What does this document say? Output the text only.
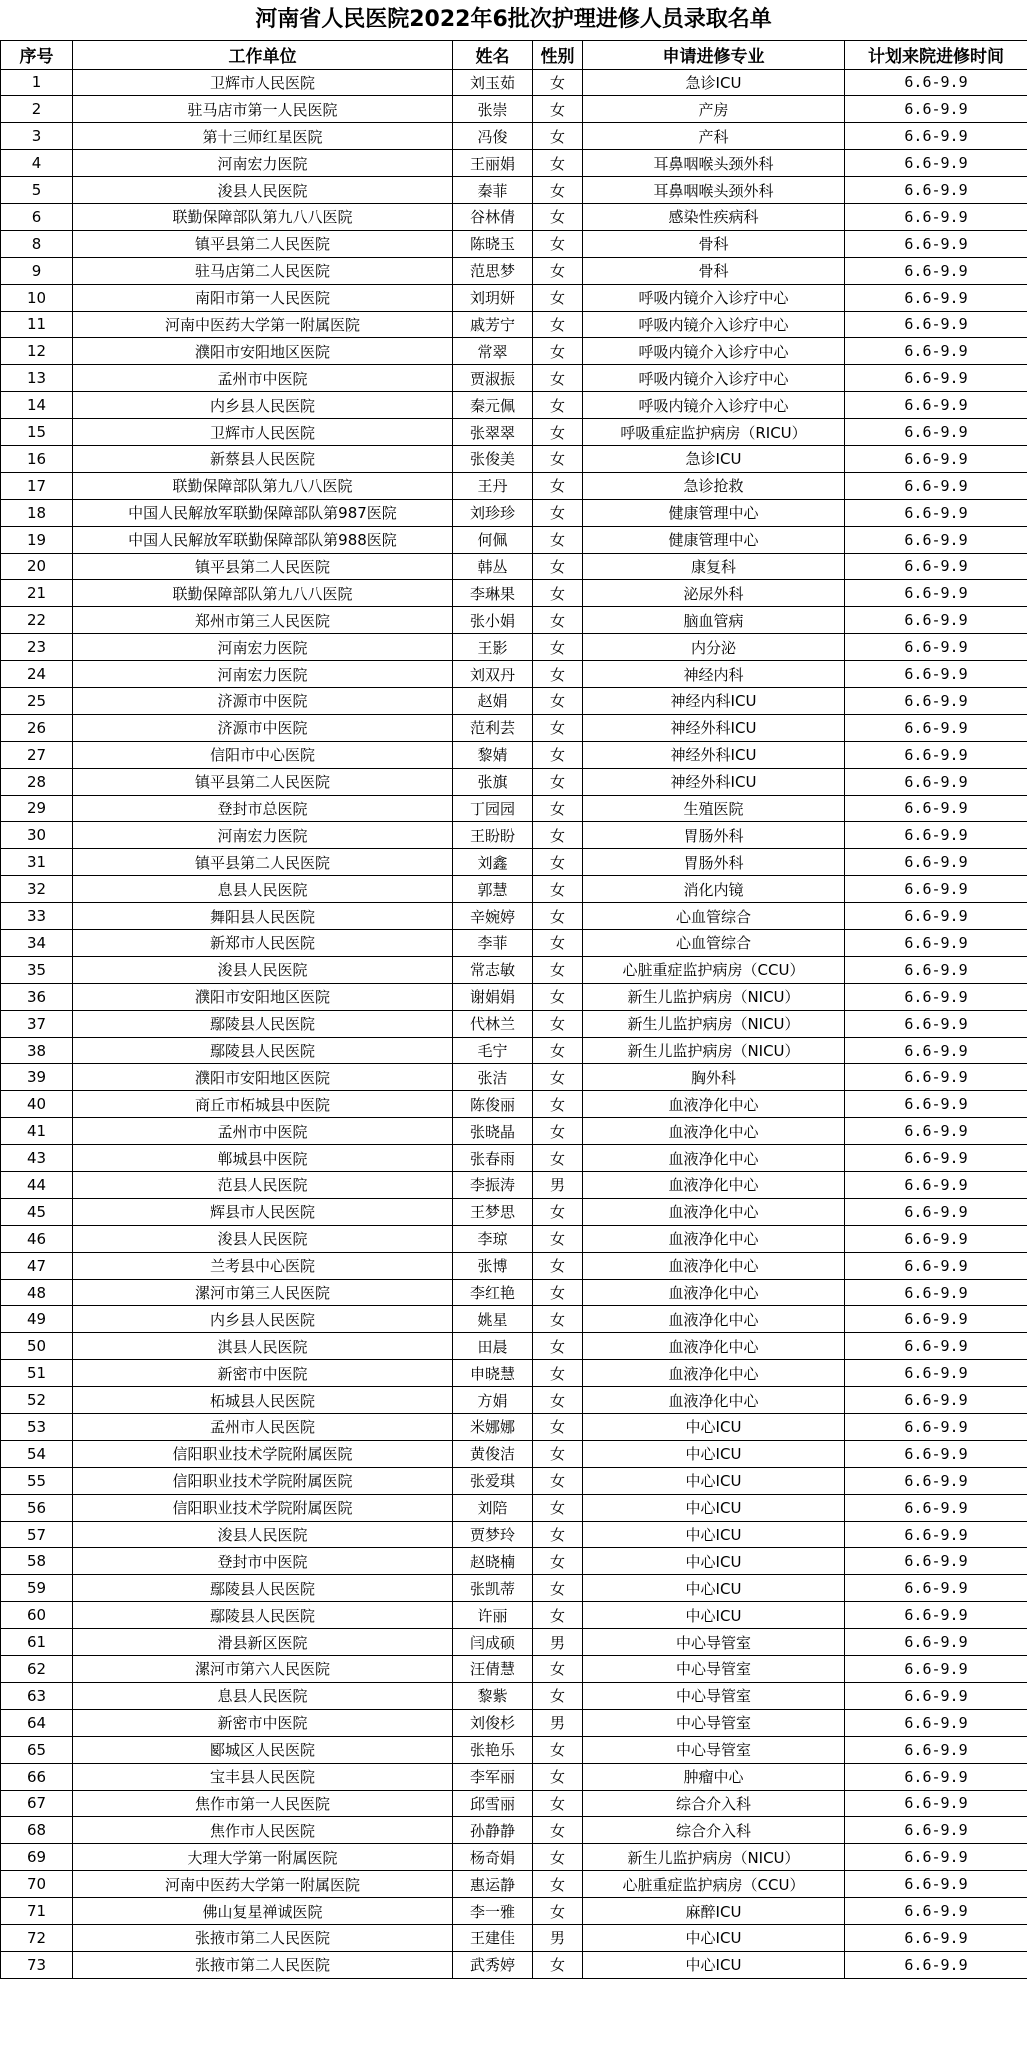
河南省人民医院2022年6批次护理进修人员录取名单
序号	工作单位	姓名	性别	申请进修专业	计划来院进修时间
1	卫辉市人民医院	刘玉茹	女	急诊ICU	6.6-9.9
2	驻马店市第一人民医院	张崇	女	产房	6.6-9.9
3	第十三师红星医院	冯俊	女	产科	6.6-9.9
4	河南宏力医院	王丽娟	女	耳鼻咽喉头颈外科	6.6-9.9
5	浚县人民医院	秦菲	女	耳鼻咽喉头颈外科	6.6-9.9
6	联勤保障部队第九八八医院	谷林倩	女	感染性疾病科	6.6-9.9
8	镇平县第二人民医院	陈晓玉	女	骨科	6.6-9.9
9	驻马店第二人民医院	范思梦	女	骨科	6.6-9.9
10	南阳市第一人民医院	刘玥妍	女	呼吸内镜介入诊疗中心	6.6-9.9
11	河南中医药大学第一附属医院	戚芳宁	女	呼吸内镜介入诊疗中心	6.6-9.9
12	濮阳市安阳地区医院	常翠	女	呼吸内镜介入诊疗中心	6.6-9.9
13	孟州市中医院	贾淑振	女	呼吸内镜介入诊疗中心	6.6-9.9
14	内乡县人民医院	秦元佩	女	呼吸内镜介入诊疗中心	6.6-9.9
15	卫辉市人民医院	张翠翠	女	呼吸重症监护病房（RICU）	6.6-9.9
16	新蔡县人民医院	张俊美	女	急诊ICU	6.6-9.9
17	联勤保障部队第九八八医院	王丹	女	急诊抢救	6.6-9.9
18	中国人民解放军联勤保障部队第987医院	刘珍珍	女	健康管理中心	6.6-9.9
19	中国人民解放军联勤保障部队第988医院	何佩	女	健康管理中心	6.6-9.9
20	镇平县第二人民医院	韩丛	女	康复科	6.6-9.9
21	联勤保障部队第九八八医院	李琳果	女	泌尿外科	6.6-9.9
22	郑州市第三人民医院	张小娟	女	脑血管病	6.6-9.9
23	河南宏力医院	王影	女	内分泌	6.6-9.9
24	河南宏力医院	刘双丹	女	神经内科	6.6-9.9
25	济源市中医院	赵娟	女	神经内科ICU	6.6-9.9
26	济源市中医院	范利芸	女	神经外科ICU	6.6-9.9
27	信阳市中心医院	黎婧	女	神经外科ICU	6.6-9.9
28	镇平县第二人民医院	张旗	女	神经外科ICU	6.6-9.9
29	登封市总医院	丁园园	女	生殖医院	6.6-9.9
30	河南宏力医院	王盼盼	女	胃肠外科	6.6-9.9
31	镇平县第二人民医院	刘鑫	女	胃肠外科	6.6-9.9
32	息县人民医院	郭慧	女	消化内镜	6.6-9.9
33	舞阳县人民医院	辛婉婷	女	心血管综合	6.6-9.9
34	新郑市人民医院	李菲	女	心血管综合	6.6-9.9
35	浚县人民医院	常志敏	女	心脏重症监护病房（CCU）	6.6-9.9
36	濮阳市安阳地区医院	谢娟娟	女	新生儿监护病房（NICU）	6.6-9.9
37	鄢陵县人民医院	代林兰	女	新生儿监护病房（NICU）	6.6-9.9
38	鄢陵县人民医院	毛宁	女	新生儿监护病房（NICU）	6.6-9.9
39	濮阳市安阳地区医院	张洁	女	胸外科	6.6-9.9
40	商丘市柘城县中医院	陈俊丽	女	血液净化中心	6.6-9.9
41	孟州市中医院	张晓晶	女	血液净化中心	6.6-9.9
43	郸城县中医院	张春雨	女	血液净化中心	6.6-9.9
44	范县人民医院	李振涛	男	血液净化中心	6.6-9.9
45	辉县市人民医院	王梦思	女	血液净化中心	6.6-9.9
46	浚县人民医院	李琼	女	血液净化中心	6.6-9.9
47	兰考县中心医院	张博	女	血液净化中心	6.6-9.9
48	漯河市第三人民医院	李红艳	女	血液净化中心	6.6-9.9
49	内乡县人民医院	姚星	女	血液净化中心	6.6-9.9
50	淇县人民医院	田晨	女	血液净化中心	6.6-9.9
51	新密市中医院	申晓慧	女	血液净化中心	6.6-9.9
52	柘城县人民医院	方娟	女	血液净化中心	6.6-9.9
53	孟州市人民医院	米娜娜	女	中心ICU	6.6-9.9
54	信阳职业技术学院附属医院	黄俊洁	女	中心ICU	6.6-9.9
55	信阳职业技术学院附属医院	张爱琪	女	中心ICU	6.6-9.9
56	信阳职业技术学院附属医院	刘陪	女	中心ICU	6.6-9.9
57	浚县人民医院	贾梦玲	女	中心ICU	6.6-9.9
58	登封市中医院	赵晓楠	女	中心ICU	6.6-9.9
59	鄢陵县人民医院	张凯蒂	女	中心ICU	6.6-9.9
60	鄢陵县人民医院	许丽	女	中心ICU	6.6-9.9
61	滑县新区医院	闫成硕	男	中心导管室	6.6-9.9
62	漯河市第六人民医院	汪倩慧	女	中心导管室	6.6-9.9
63	息县人民医院	黎紫	女	中心导管室	6.6-9.9
64	新密市中医院	刘俊杉	男	中心导管室	6.6-9.9
65	郾城区人民医院	张艳乐	女	中心导管室	6.6-9.9
66	宝丰县人民医院	李军丽	女	肿瘤中心	6.6-9.9
67	焦作市第一人民医院	邱雪丽	女	综合介入科	6.6-9.9
68	焦作市人民医院	孙静静	女	综合介入科	6.6-9.9
69	大理大学第一附属医院	杨奇娟	女	新生儿监护病房（NICU）	6.6-9.9
70	河南中医药大学第一附属医院	惠运静	女	心脏重症监护病房（CCU）	6.6-9.9
71	佛山复星禅诚医院	李一雅	女	麻醉ICU	6.6-9.9
72	张掖市第二人民医院	王建佳	男	中心ICU	6.6-9.9
73	张掖市第二人民医院	武秀婷	女	中心ICU	6.6-9.9
